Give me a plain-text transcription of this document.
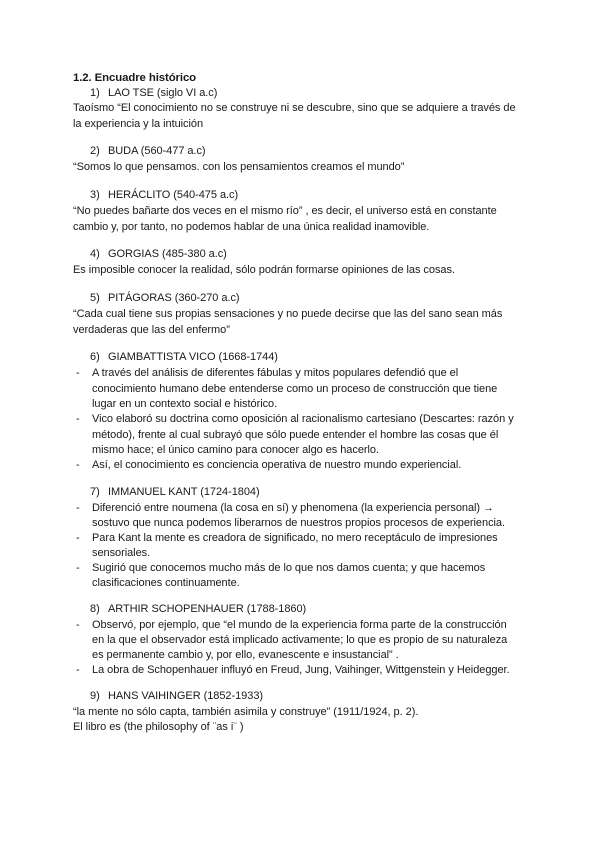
1.2. Encuadre histórico
1) LAO TSE (siglo VI a.c)
Taoísmo “El conocimiento no se construye ni se descubre, sino que se adquiere a través de
la experiencia y la intuición
2) BUDA (560-477 a.c)
“Somos lo que pensamos. con los pensamientos creamos el mundo”
3) HERÁCLITO (540-475 a.c)
“No puedes bañarte dos veces en el mismo río” , es decir, el universo está en constante
cambio y, por tanto, no podemos hablar de una única realidad inamovible.
4) GORGIAS (485-380 a.c)
Es imposible conocer la realidad, sólo podrán formarse opiniones de las cosas.
5) PITÁGORAS (360-270 a.c)
“Cada cual tiene sus propias sensaciones y no puede decirse que las del sano sean más
verdaderas que las del enfermo”
6) GIAMBATTISTA VICO (1668-1744)
- A través del análisis de diferentes fábulas y mitos populares defendió que el
conocimiento humano debe entenderse como un proceso de construcción que tiene
lugar en un contexto social e histórico.
- Vico elaboró su doctrina como oposición al racionalismo cartesiano (Descartes: razón y
método), frente al cual subrayó que sólo puede entender el hombre las cosas que él
mismo hace; el único camino para conocer algo es hacerlo.
- Así, el conocimiento es conciencia operativa de nuestro mundo experiencial.
7) IMMANUEL KANT (1724-1804)
- Diferenció entre noumena (la cosa en sí) y phenomena (la experiencia personal) →
sostuvo que nunca podemos liberarnos de nuestros propios procesos de experiencia.
- Para Kant la mente es creadora de significado, no mero receptáculo de impresiones
sensoriales.
- Sugirió que conocemos mucho más de lo que nos damos cuenta; y que hacemos
clasificaciones continuamente.
8) ARTHIR SCHOPENHAUER (1788-1860)
- Observó, por ejemplo, que “el mundo de la experiencia forma parte de la construcción
en la que el observador está implicado activamente; lo que es propio de su naturaleza
es permanente cambio y, por ello, evanescente e insustancial” .
- La obra de Schopenhauer influyó en Freud, Jung, Vaihinger, Wittgenstein y Heidegger.
9) HANS VAIHINGER (1852-1933)
“la mente no sólo capta, también asimila y construye” (1911/1924, p. 2).
El libro es (the philosophy of ¨as i¨ )
